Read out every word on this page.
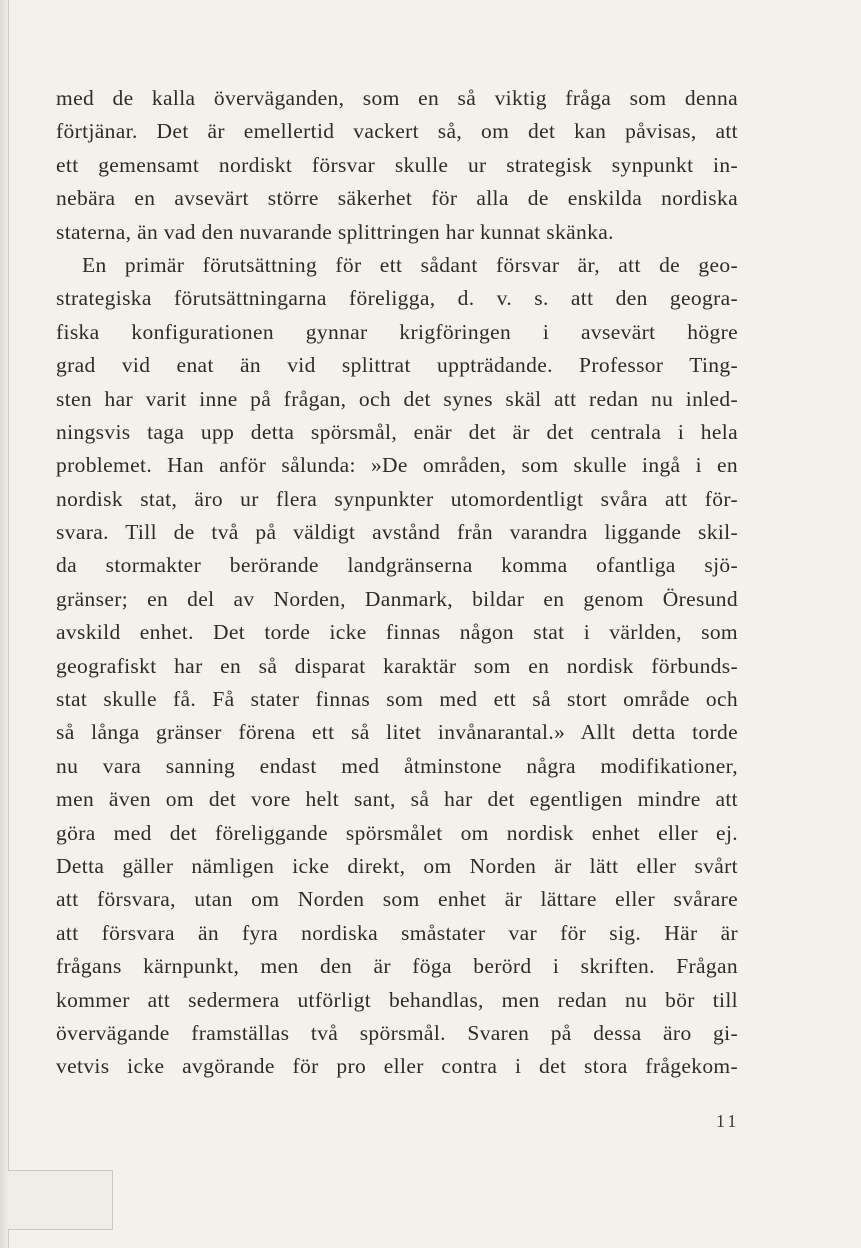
med de kalla överväganden, som en så viktig fråga som denna
förtjänar. Det är emellertid vackert så, om det kan påvisas, att
ett gemensamt nordiskt försvar skulle ur strategisk synpunkt in-
nebära en avsevärt större säkerhet för alla de enskilda nordiska
staterna, än vad den nuvarande splittringen har kunnat skänka.
En primär förutsättning för ett sådant försvar är, att de geo-
strategiska förutsättningarna föreligga, d. v. s. att den geogra-
fiska konfigurationen gynnar krigföringen i avsevärt högre
grad vid enat än vid splittrat uppträdande. Professor Ting-
sten har varit inne på frågan, och det synes skäl att redan nu inled-
ningsvis taga upp detta spörsmål, enär det är det centrala i hela
problemet. Han anför sålunda: »De områden, som skulle ingå i en
nordisk stat, äro ur flera synpunkter utomordentligt svåra att för-
svara. Till de två på väldigt avstånd från varandra liggande skil-
da stormakter berörande landgränserna komma ofantliga sjö-
gränser; en del av Norden, Danmark, bildar en genom Öresund
avskild enhet. Det torde icke finnas någon stat i världen, som
geografiskt har en så disparat karaktär som en nordisk förbunds-
stat skulle få. Få stater finnas som med ett så stort område och
så långa gränser förena ett så litet invånarantal.» Allt detta torde
nu vara sanning endast med åtminstone några modifikationer,
men även om det vore helt sant, så har det egentligen mindre att
göra med det föreliggande spörsmålet om nordisk enhet eller ej.
Detta gäller nämligen icke direkt, om Norden är lätt eller svårt
att försvara, utan om Norden som enhet är lättare eller svårare
att försvara än fyra nordiska småstater var för sig. Här är
frågans kärnpunkt, men den är föga berörd i skriften. Frågan
kommer att sedermera utförligt behandlas, men redan nu bör till
övervägande framställas två spörsmål. Svaren på dessa äro gi-
vetvis icke avgörande för pro eller contra i det stora frågekom-
11
